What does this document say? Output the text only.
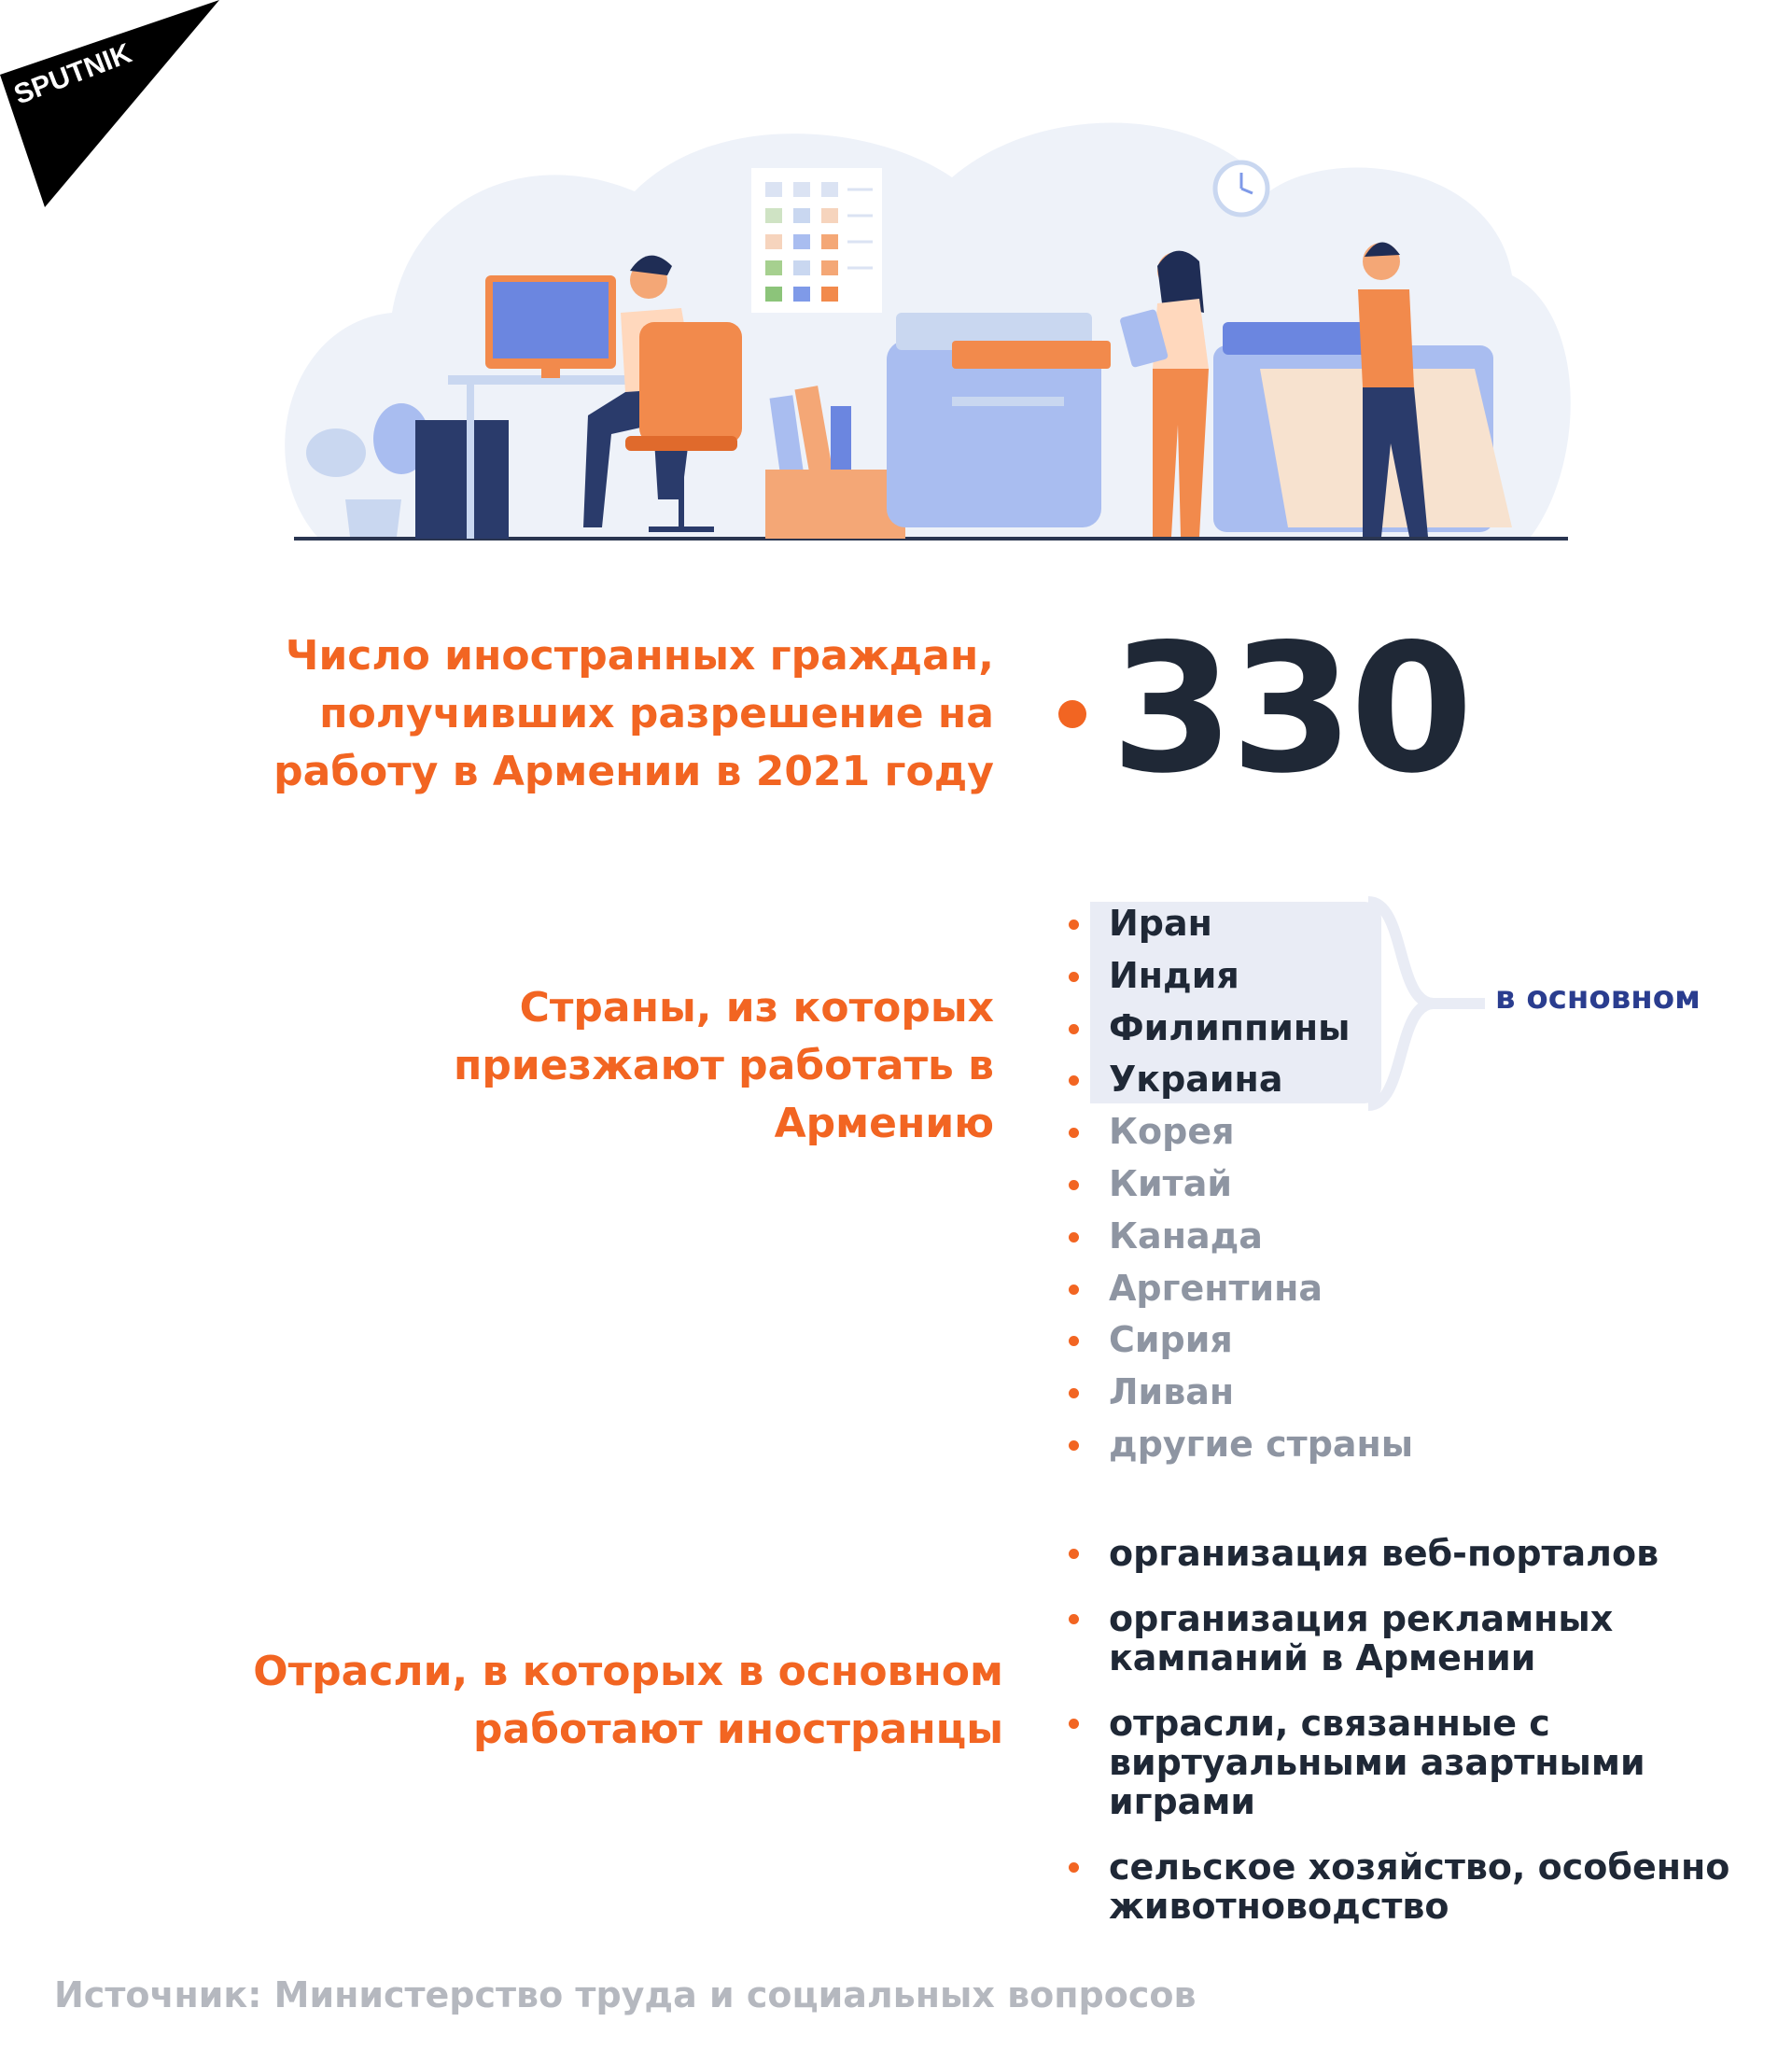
SPUTNIK
Число иностранных граждан,
получивших разрешение на
работу в Армении в 2021 году 330
Страны, из которых
приезжают работать в
Армению
в основном
Иран
Индия
Филиппины
Украина
Корея
Китай
Канада
Аргентина
Сирия
Ливан
другие страны
Отрасли, в которых в основном
работают иностранцы
организация веб-порталов
организация рекламных
кампаний в Армении
отрасли, связанные с
виртуальными азартными
играми
сельское хозяйство, особенно
животноводство
Источник: Министерство труда и социальных вопросов
